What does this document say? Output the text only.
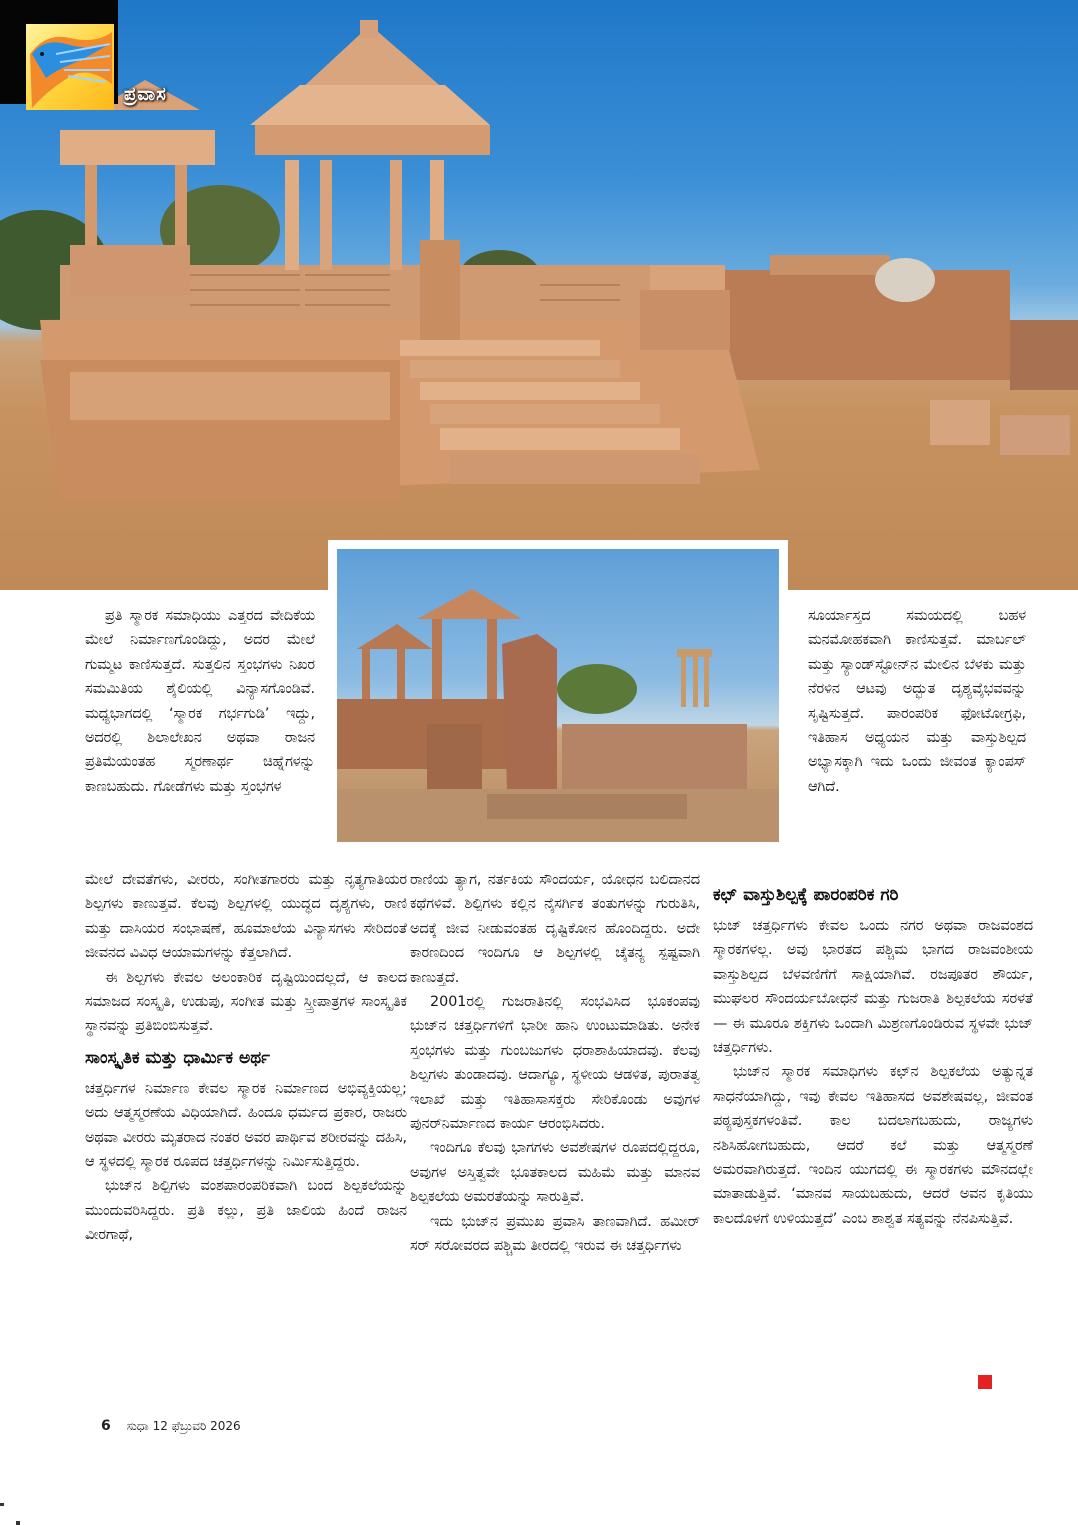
ಪ್ರವಾಸ

ಪ್ರತಿ ಸ್ಮಾರಕ ಸಮಾಧಿಯು ಎತ್ತರದ ವೇದಿಕೆಯ ಮೇಲೆ ನಿರ್ಮಾಣಗೊಂಡಿದ್ದು, ಅದರ ಮೇಲೆ ಗುಮ್ಮಟ ಕಾಣಿಸುತ್ತದೆ. ಸುತ್ತಲಿನ ಸ್ತಂಭಗಳು ನಿಖರ ಸಮಮಿತಿಯ ಶೈಲಿಯಲ್ಲಿ ವಿನ್ಯಾಸಗೊಂಡಿವೆ. ಮಧ್ಯಭಾಗದಲ್ಲಿ ‘ಸ್ಮಾರಕ ಗರ್ಭಗುಡಿ’ ಇದ್ದು, ಅದರಲ್ಲಿ ಶಿಲಾಲೇಖನ ಅಥವಾ ರಾಜನ ಪ್ರತಿಮೆಯಂತಹ ಸ್ಮರಣಾರ್ಥ ಚಿಹ್ನೆಗಳನ್ನು ಕಾಣಬಹುದು. ಗೋಡೆಗಳು ಮತ್ತು ಸ್ತಂಭಗಳ

ಮೇಲೆ ದೇವತೆಗಳು, ವೀರರು, ಸಂಗೀತಗಾರರು ಮತ್ತು ನೃತ್ಯಗಾತಿಯರ ಶಿಲ್ಪಗಳು ಕಾಣುತ್ತವೆ. ಕೆಲವು ಶಿಲ್ಪಗಳಲ್ಲಿ ಯುದ್ಧದ ದೃಶ್ಯಗಳು, ರಾಣಿ ಮತ್ತು ದಾಸಿಯರ ಸಂಭಾಷಣೆ, ಹೂಮಾಲೆಯ ವಿನ್ಯಾಸಗಳು ಸೇರಿದಂತೆ ಜೀವನದ ವಿವಿಧ ಆಯಾಮಗಳನ್ನು ಕೆತ್ತಲಾಗಿದೆ.

ಈ ಶಿಲ್ಪಗಳು ಕೇವಲ ಅಲಂಕಾರಿಕ ದೃಷ್ಟಿಯಿಂದಲ್ಲದೆ, ಆ ಕಾಲದ ಸಮಾಜದ ಸಂಸ್ಕೃತಿ, ಉಡುಪು, ಸಂಗೀತ ಮತ್ತು ಸ್ತ್ರೀಪಾತ್ರಗಳ ಸಾಂಸ್ಕೃತಿಕ ಸ್ಥಾನವನ್ನು ಪ್ರತಿಬಿಂಬಿಸುತ್ತವೆ.

ಸಾಂಸ್ಕೃತಿಕ ಮತ್ತು ಧಾರ್ಮಿಕ ಅರ್ಥ

ಚತ್ತರ್ಧಿಗಳ ನಿರ್ಮಾಣ ಕೇವಲ ಸ್ಮಾರಕ ನಿರ್ಮಾಣದ ಅಭಿವ್ಯಕ್ತಿಯಲ್ಲ; ಅದು ಆತ್ಮಸ್ಮರಣೆಯ ವಿಧಿಯಾಗಿದೆ. ಹಿಂದೂ ಧರ್ಮದ ಪ್ರಕಾರ, ರಾಜರು ಅಥವಾ ವೀರರು ಮೃತರಾದ ನಂತರ ಅವರ ಪಾರ್ಥಿವ ಶರೀರವನ್ನು ದಹಿಸಿ, ಆ ಸ್ಥಳದಲ್ಲಿ ಸ್ಮಾರಕ ರೂಪದ ಚತ್ತರ್ಧಿಗಳನ್ನು ನಿರ್ಮಿಸುತ್ತಿದ್ದರು.

ಭುಜ್‌ನ ಶಿಲ್ಪಿಗಳು ವಂಶಪಾರಂಪರಿಕವಾಗಿ ಬಂದ ಶಿಲ್ಪಕಲೆಯನ್ನು ಮುಂದುವರಿಸಿದ್ದರು. ಪ್ರತಿ ಕಲ್ಲು, ಪ್ರತಿ ಜಾಲಿಯ ಹಿಂದೆ ರಾಜನ ವೀರಗಾಥೆ,

ರಾಣಿಯ ತ್ಯಾಗ, ನರ್ತಕಿಯ ಸೌಂದರ್ಯ, ಯೋಧನ ಬಲಿದಾನದ ಕಥೆಗಳಿವೆ. ಶಿಲ್ಪಿಗಳು ಕಲ್ಲಿನ ನೈಸರ್ಗಿಕ ತಂತುಗಳನ್ನು ಗುರುತಿಸಿ, ಅದಕ್ಕೆ ಜೀವ ನೀಡುವಂತಹ ದೃಷ್ಟಿಕೋನ ಹೊಂದಿದ್ದರು. ಅದೇ ಕಾರಣದಿಂದ ಇಂದಿಗೂ ಆ ಶಿಲ್ಪಗಳಲ್ಲಿ ಚೈತನ್ಯ ಸ್ಪಷ್ಟವಾಗಿ ಕಾಣುತ್ತದೆ.

2001ರಲ್ಲಿ ಗುಜರಾತಿನಲ್ಲಿ ಸಂಭವಿಸಿದ ಭೂಕಂಪವು ಭುಜ್‌ನ ಚತ್ತರ್ಧಿಗಳಿಗೆ ಭಾರೀ ಹಾನಿ ಉಂಟುಮಾಡಿತು. ಅನೇಕ ಸ್ತಂಭಗಳು ಮತ್ತು ಗುಂಬಜುಗಳು ಧರಾಶಾಹಿಯಾದವು. ಕೆಲವು ಶಿಲ್ಪಗಳು ತುಂಡಾದವು. ಆದಾಗ್ಯೂ, ಸ್ಥಳೀಯ ಆಡಳಿತ, ಪುರಾತತ್ವ ಇಲಾಖೆ ಮತ್ತು ಇತಿಹಾಸಾಸಕ್ತರು ಸೇರಿಕೊಂಡು ಅವುಗಳ ಪುನರ್‌ನಿರ್ಮಾಣದ ಕಾರ್ಯ ಆರಂಭಿಸಿದರು.

ಇಂದಿಗೂ ಕೆಲವು ಭಾಗಗಳು ಅವಶೇಷಗಳ ರೂಪದಲ್ಲಿದ್ದರೂ, ಅವುಗಳ ಅಸ್ತಿತ್ವವೇ ಭೂತಕಾಲದ ಮಹಿಮೆ ಮತ್ತು ಮಾನವ ಶಿಲ್ಪಕಲೆಯ ಅಮರತೆಯನ್ನು ಸಾರುತ್ತಿವೆ.

ಇದು ಭುಜ್‌ನ ಪ್ರಮುಖ ಪ್ರವಾಸಿ ತಾಣವಾಗಿದೆ. ಹಮೀರ್ ಸರ್ ಸರೋವರದ ಪಶ್ಚಿಮ ತೀರದಲ್ಲಿ ಇರುವ ಈ ಚತ್ತರ್ಧಿಗಳು

ಸೂರ್ಯಾಸ್ತದ ಸಮಯದಲ್ಲಿ ಬಹಳ ಮನಮೋಹಕವಾಗಿ ಕಾಣಿಸುತ್ತವೆ. ಮಾರ್ಬಲ್ ಮತ್ತು ಸ್ಯಾಂಡ್‌ಸ್ಟೋನ್‌ನ ಮೇಲಿನ ಬೆಳಕು ಮತ್ತು ನೆರಳಿನ ಆಟವು ಅದ್ಭುತ ದೃಶ್ಯವೈಭವವನ್ನು ಸೃಷ್ಟಿಸುತ್ತದೆ. ಪಾರಂಪರಿಕ ಫೋಟೋಗ್ರಫಿ, ಇತಿಹಾಸ ಅಧ್ಯಯನ ಮತ್ತು ವಾಸ್ತುಶಿಲ್ಪದ ಅಭ್ಯಾಸಕ್ಕಾಗಿ ಇದು ಒಂದು ಜೀವಂತ ಕ್ಯಾಂಪಸ್ ಆಗಿದೆ.

ಕಛ್ ವಾಸ್ತುಶಿಲ್ಪಕ್ಕೆ ಪಾರಂಪರಿಕ ಗರಿ

ಭುಜ್ ಚತ್ತರ್ಧಿಗಳು ಕೇವಲ ಒಂದು ನಗರ ಅಥವಾ ರಾಜವಂಶದ ಸ್ಮಾರಕಗಳಲ್ಲ. ಅವು ಭಾರತದ ಪಶ್ಚಿಮ ಭಾಗದ ರಾಜವಂಶೀಯ ವಾಸ್ತುಶಿಲ್ಪದ ಬೆಳವಣಿಗೆಗೆ ಸಾಕ್ಷಿಯಾಗಿವೆ. ರಜಪೂತರ ಶೌರ್ಯ, ಮುಘಲರ ಸೌಂದರ್ಯಬೋಧನೆ ಮತ್ತು ಗುಜರಾತಿ ಶಿಲ್ಪಕಲೆಯ ಸರಳತೆ— ಈ ಮೂರೂ ಶಕ್ತಿಗಳು ಒಂದಾಗಿ ಮಿಶ್ರಣಗೊಂಡಿರುವ ಸ್ಥಳವೇ ಭುಜ್ ಚತ್ತರ್ಧಿಗಳು.

ಭುಜ್‌ನ ಸ್ಮಾರಕ ಸಮಾಧಿಗಳು ಕಛ್‌ನ ಶಿಲ್ಪಕಲೆಯ ಅತ್ಯುನ್ನತ ಸಾಧನೆಯಾಗಿದ್ದು, ಇವು ಕೇವಲ ಇತಿಹಾಸದ ಅವಶೇಷವಲ್ಲ, ಜೀವಂತ ಪಠ್ಯಪುಸ್ತಕಗಳಂತಿವೆ. ಕಾಲ ಬದಲಾಗಬಹುದು, ರಾಜ್ಯಗಳು ನಶಿಸಿಹೋಗಬಹುದು, ಆದರೆ ಕಲೆ ಮತ್ತು ಆತ್ಮಸ್ಮರಣೆ ಅಮರವಾಗಿರುತ್ತದೆ. ಇಂದಿನ ಯುಗದಲ್ಲಿ ಈ ಸ್ಮಾರಕಗಳು ಮೌನದಲ್ಲೇ ಮಾತಾಡುತ್ತಿವೆ. ‘ಮಾನವ ಸಾಯಬಹುದು, ಆದರೆ ಅವನ ಕೃತಿಯು ಕಾಲದೊಳಗೆ ಉಳಿಯುತ್ತದೆ’ ಎಂಬ ಶಾಶ್ವತ ಸತ್ಯವನ್ನು ನೆನಪಿಸುತ್ತಿವೆ.

6 ಸುಧಾ 12 ಫೆಬ್ರುವರಿ 2026
